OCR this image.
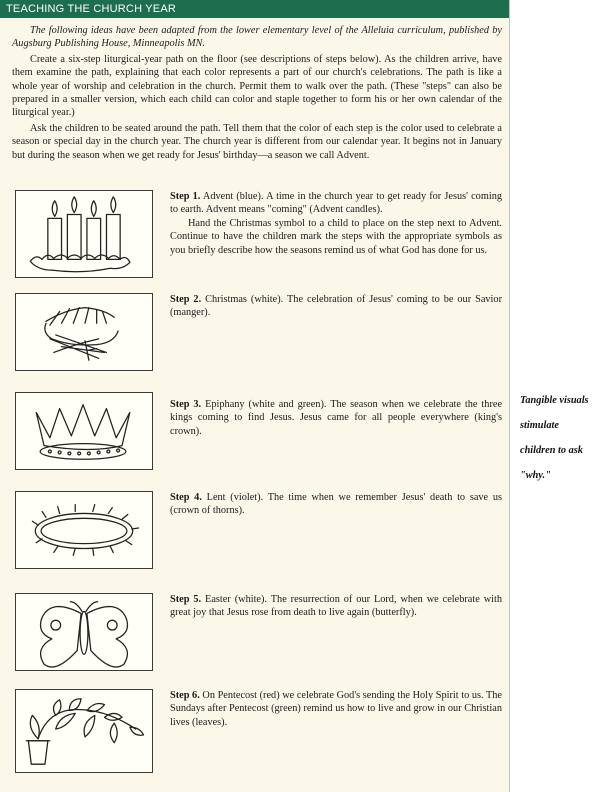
TEACHING THE CHURCH YEAR

The following ideas have been adapted from the lower elementary level of the Alleluia curriculum, published by Augsburg Publishing House, Minneapolis MN.

Create a six-step liturgical-year path on the floor (see descriptions of steps below). As the children arrive, have them examine the path, explaining that each color represents a part of our church's celebrations. The path is like a whole year of worship and celebration in the church. Permit them to walk over the path. (These "steps" can also be prepared in a smaller version, which each child can color and staple together to form his or her own calendar of the liturgical year.)

Ask the children to be seated around the path. Tell them that the color of each step is the color used to celebrate a season or special day in the church year. The church year is different from our calendar year. It begins not in January but during the season when we get ready for Jesus' birthday—a season we call Advent.

Step 1. Advent (blue). A time in the church year to get ready for Jesus' coming to earth. Advent means "coming" (Advent candles).

Hand the Christmas symbol to a child to place on the step next to Advent. Continue to have the children mark the steps with the appropriate symbols as you briefly describe how the seasons remind us of what God has done for us.

Step 2. Christmas (white). The celebration of Jesus' coming to be our Savior (manger).

Step 3. Epiphany (white and green). The season when we celebrate the three kings coming to find Jesus. Jesus came for all people everywhere (king's crown).

Step 4. Lent (violet). The time when we remember Jesus' death to save us (crown of thorns).

Step 5. Easter (white). The resurrection of our Lord, when we celebrate with great joy that Jesus rose from death to live again (butterfly).

Step 6. On Pentecost (red) we celebrate God's sending the Holy Spirit to us. The Sundays after Pentecost (green) remind us how to live and grow in our Christian lives (leaves).

Tangible visuals
stimulate
children to ask
"why."
